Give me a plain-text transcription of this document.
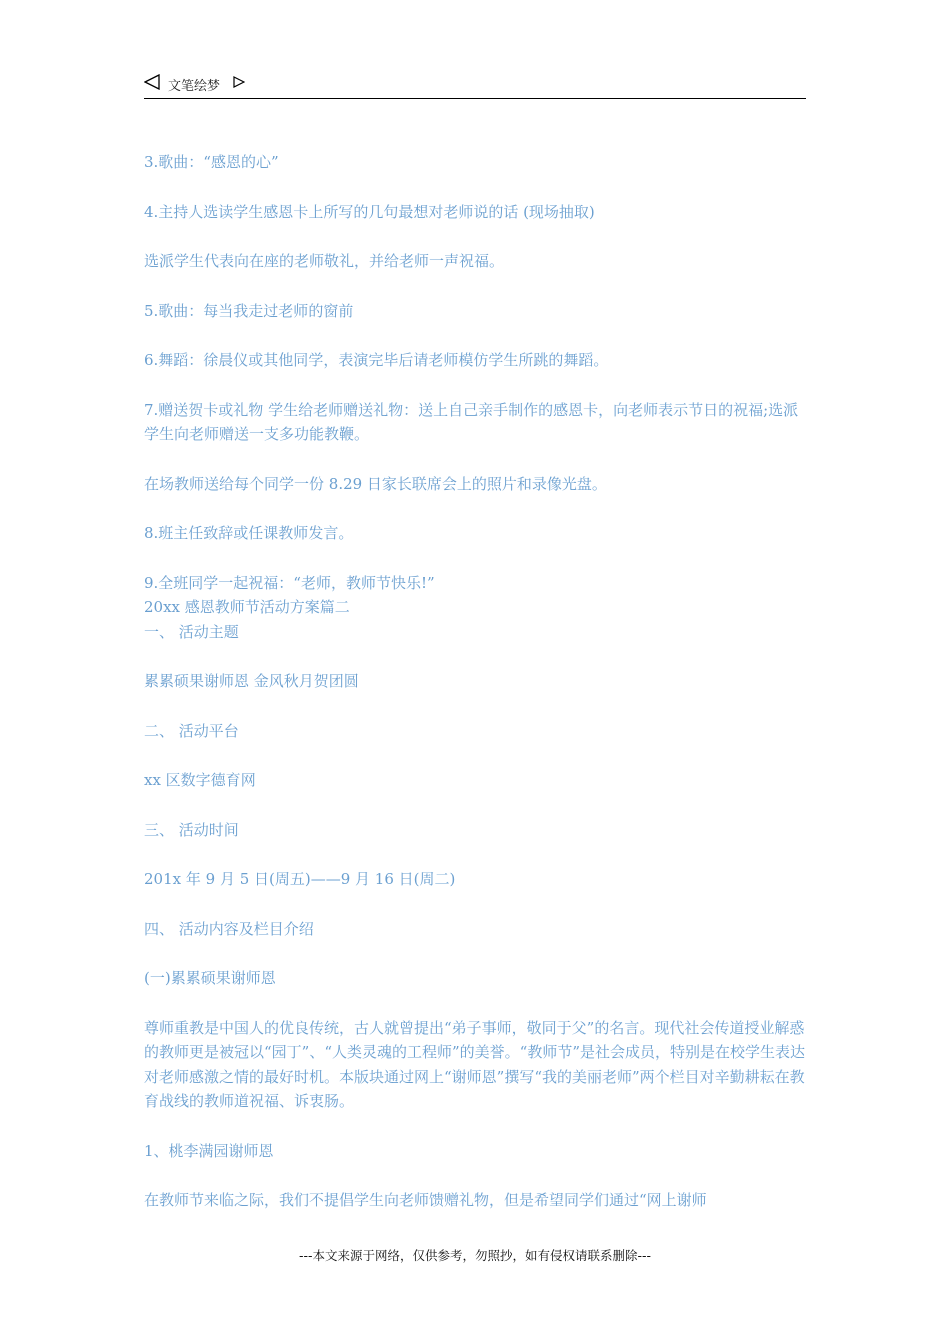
文笔绘梦

3.歌曲：“感恩的心”

4.主持人选读学生感恩卡上所写的几句最想对老师说的话 (现场抽取)

选派学生代表向在座的老师敬礼，并给老师一声祝福。

5.歌曲：每当我走过老师的窗前

6.舞蹈：徐晨仪或其他同学，表演完毕后请老师模仿学生所跳的舞蹈。

7.赠送贺卡或礼物 学生给老师赠送礼物：送上自己亲手制作的感恩卡，向老师表示节日的祝福;选派学生向老师赠送一支多功能教鞭。

在场教师送给每个同学一份 8.29 日家长联席会上的照片和录像光盘。

8.班主任致辞或任课教师发言。

9.全班同学一起祝福：“老师，教师节快乐!”

20xx 感恩教师节活动方案篇二

一、 活动主题

累累硕果谢师恩 金风秋月贺团圆

二、 活动平台

xx 区数字德育网

三、 活动时间

201x 年 9 月 5 日(周五)——9 月 16 日(周二)

四、 活动内容及栏目介绍

(一)累累硕果谢师恩

尊师重教是中国人的优良传统，古人就曾提出“弟子事师，敬同于父”的名言。现代社会传道授业解惑的教师更是被冠以“园丁”、“人类灵魂的工程师”的美誉。“教师节”是社会成员，特别是在校学生表达对老师感激之情的最好时机。本版块通过网上“谢师恩”撰写“我的美丽老师”两个栏目对辛勤耕耘在教育战线的教师道祝福、诉衷肠。

1、桃李满园谢师恩

在教师节来临之际，我们不提倡学生向老师馈赠礼物，但是希望同学们通过“网上谢师

---本文来源于网络，仅供参考，勿照抄，如有侵权请联系删除---
